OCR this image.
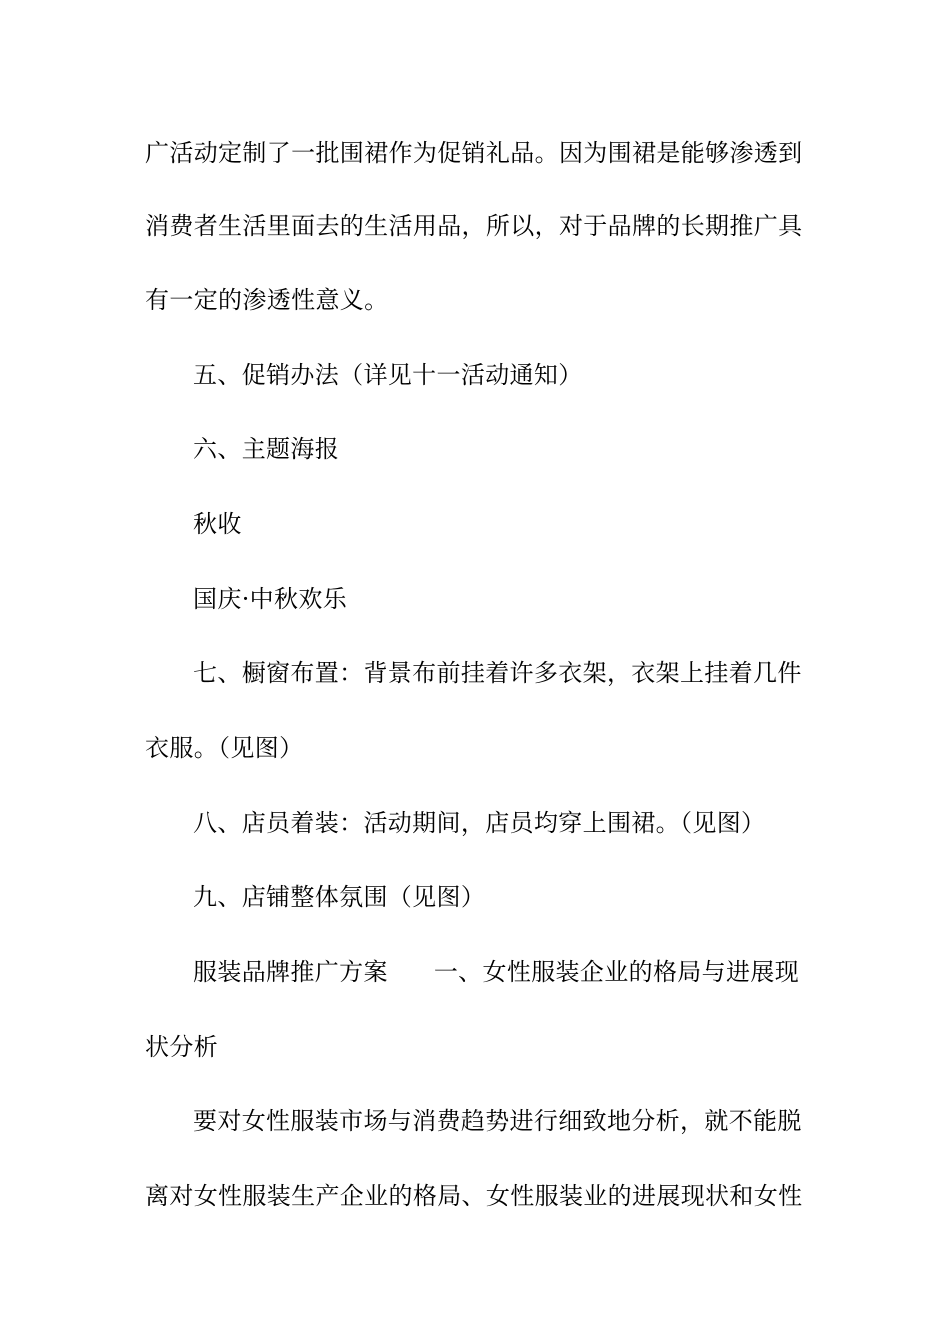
广活动定制了一批围裙作为促销礼品。因为围裙是能够渗透到
消费者生活里面去的生活用品，所以，对于品牌的长期推广具
有一定的渗透性意义。
五、促销办法（详见十一活动通知）
六、主题海报
秋收
国庆·中秋欢乐
七、橱窗布置：背景布前挂着许多衣架，衣架上挂着几件
衣服。（见图）
八、店员着装：活动期间，店员均穿上围裙。（见图）
九、店铺整体氛围（见图）
服装品牌推广方案 一、女性服装企业的格局与进展现
状分析
要对女性服装市场与消费趋势进行细致地分析，就不能脱
离对女性服装生产企业的格局、女性服装业的进展现状和女性
